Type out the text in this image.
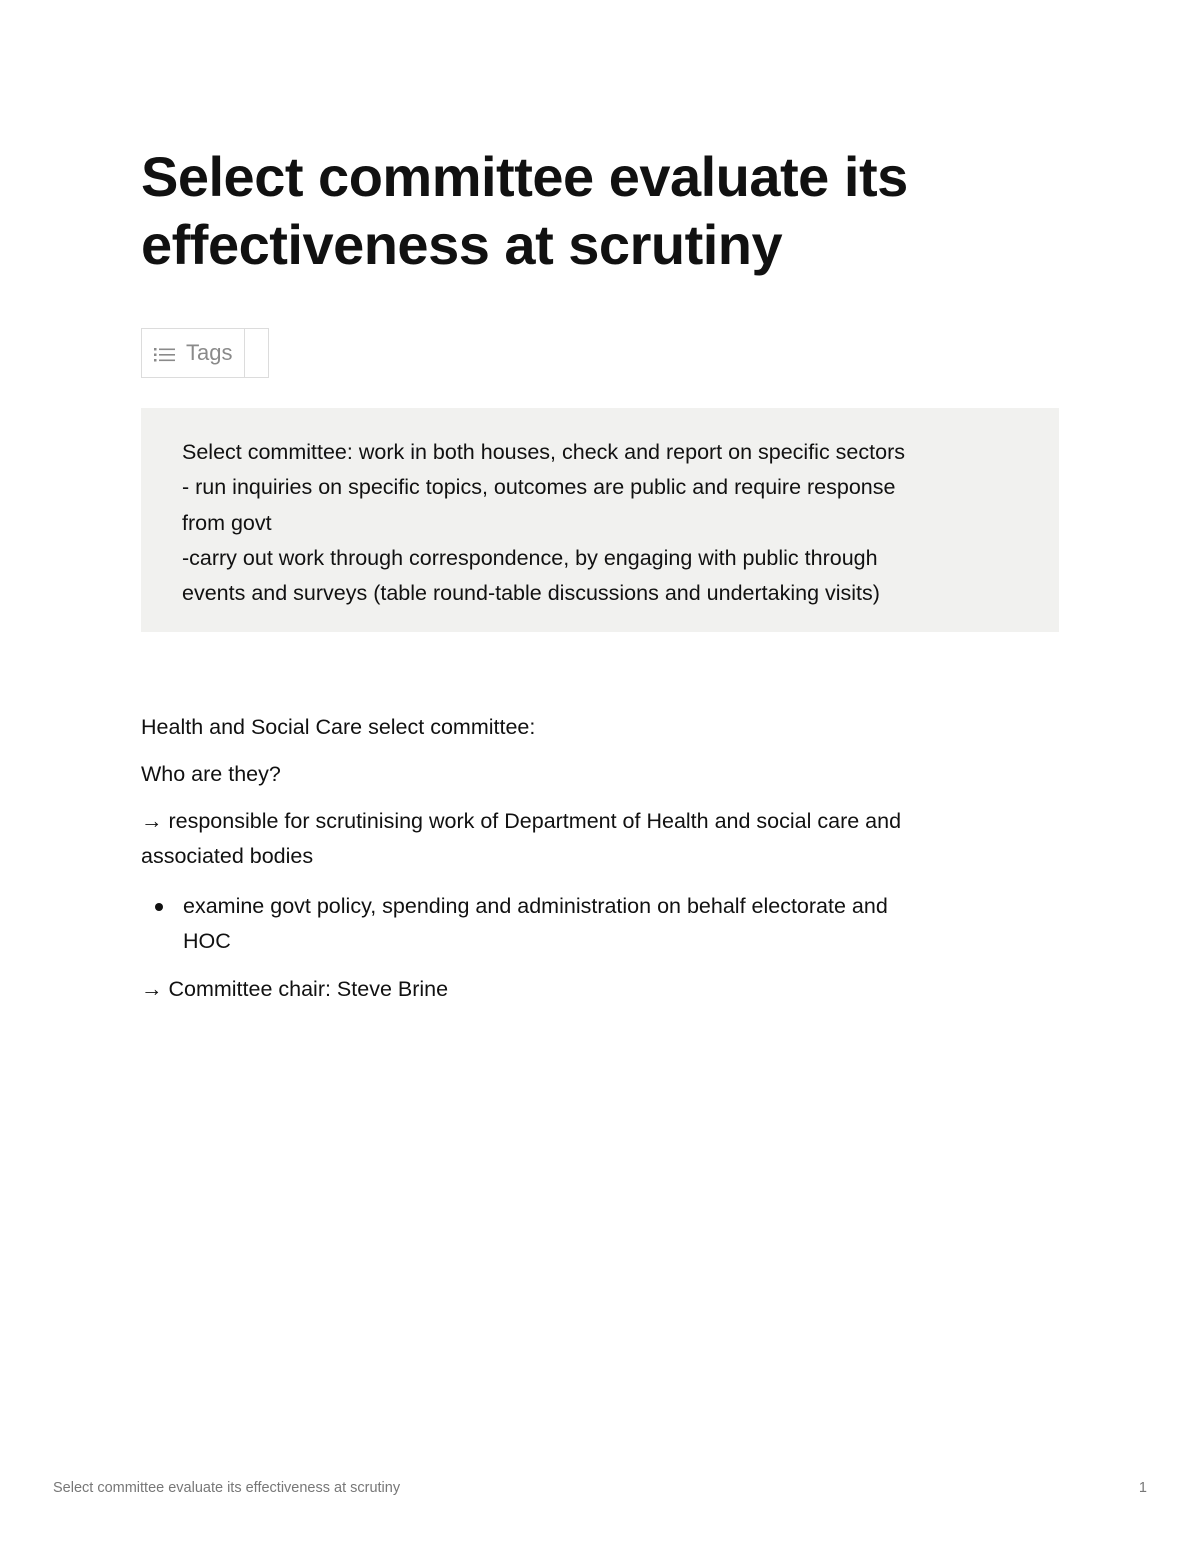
Select committee evaluate its
effectiveness at scrutiny
Tags
Select committee: work in both houses, check and report on specific sectors
- run inquiries on specific topics, outcomes are public and require response
from govt
-carry out work through correspondence, by engaging with public through
events and surveys (table round-table discussions and undertaking visits)

Health and Social Care select committee:

Who are they?

→ responsible for scrutinising work of Department of Health and social care and
associated bodies

examine govt policy, spending and administration on behalf electorate and
HOC

→ Committee chair: Steve Brine

Select committee evaluate its effectiveness at scrutiny	1
